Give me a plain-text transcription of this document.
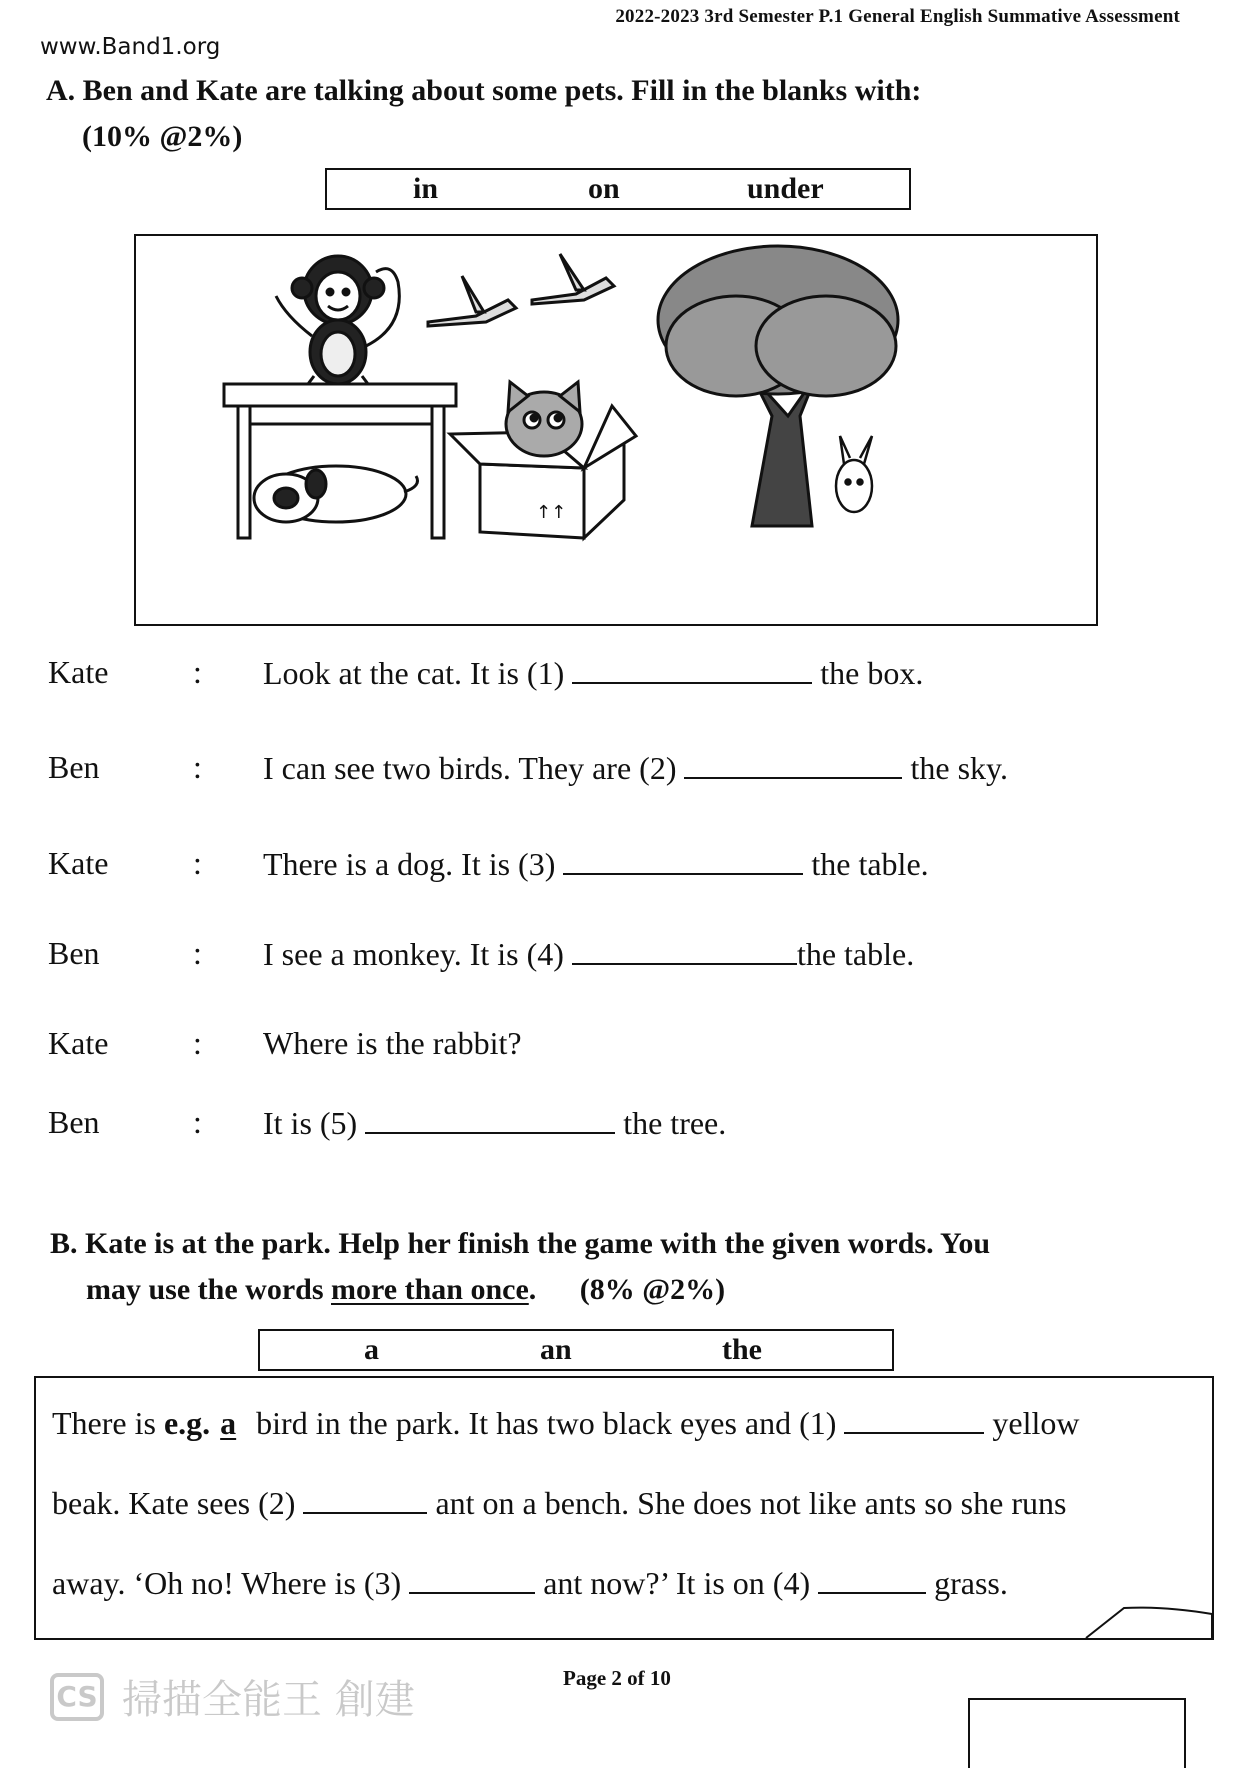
2022-2023 3rd Semester P.1 General English Summative Assessment
www.Band1.org
A. Ben and Kate are talking about some pets. Fill in the blanks with:
(10% @2%)
in	on	under
↑↑
Kate	: Look at the cat. It is (1)	the box.
Ben	: I can see two birds. They are (2)	the sky.
Kate	: There is a dog. It is (3)	the table.
Ben	: I see a monkey. It is (4)	the table.
Kate	: Where is the rabbit?
Ben	: It is (5)	the tree.
B. Kate is at the park. Help her finish the game with the given words. You
may use the words more than once. (8% @2%)
a	an	the
There is e.g. a bird in the park. It has two black eyes and (1)	yellow
beak. Kate sees (2)	ant on a bench. She does not like ants so she runs
away. ‘Oh no! Where is (3)	ant now?’ It is on (4)	grass.
Page 2 of 10
CS 掃描全能王 創建
